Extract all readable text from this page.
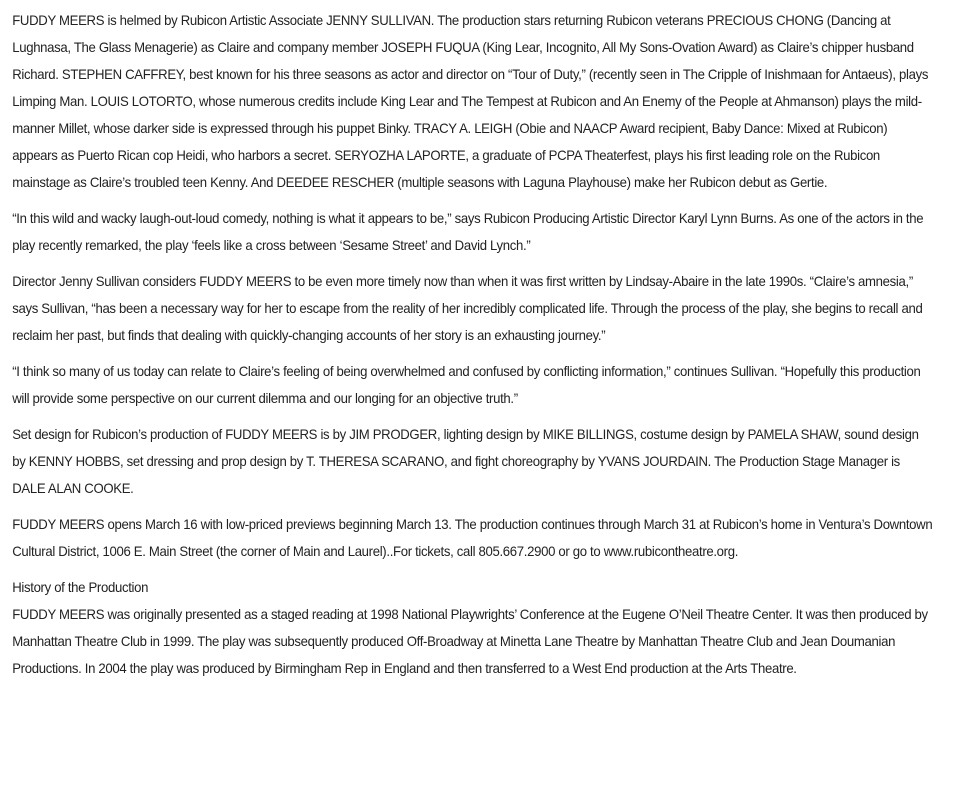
FUDDY MEERS is helmed by Rubicon Artistic Associate JENNY SULLIVAN. The production stars returning Rubicon veterans PRECIOUS CHONG (Dancing at Lughnasa, The Glass Menagerie) as Claire and company member JOSEPH FUQUA (King Lear, Incognito, All My Sons-Ovation Award) as Claire’s chipper husband Richard. STEPHEN CAFFREY, best known for his three seasons as actor and director on “Tour of Duty,” (recently seen in The Cripple of Inishmaan for Antaeus), plays Limping Man. LOUIS LOTORTO, whose numerous credits include King Lear and The Tempest at Rubicon and An Enemy of the People at Ahmanson) plays the mild-manner Millet, whose darker side is expressed through his puppet Binky. TRACY A. LEIGH (Obie and NAACP Award recipient, Baby Dance: Mixed at Rubicon) appears as Puerto Rican cop Heidi, who harbors a secret. SERYOZHA LAPORTE, a graduate of PCPA Theaterfest, plays his first leading role on the Rubicon mainstage as Claire’s troubled teen Kenny. And DEEDEE RESCHER (multiple seasons with Laguna Playhouse) make her Rubicon debut as Gertie.

“In this wild and wacky laugh-out-loud comedy, nothing is what it appears to be,” says Rubicon Producing Artistic Director Karyl Lynn Burns. As one of the actors in the play recently remarked, the play ‘feels like a cross between ‘Sesame Street’ and David Lynch.”

Director Jenny Sullivan considers FUDDY MEERS to be even more timely now than when it was first written by Lindsay-Abaire in the late 1990s. “Claire’s amnesia,” says Sullivan, “has been a necessary way for her to escape from the reality of her incredibly complicated life. Through the process of the play, she begins to recall and reclaim her past, but finds that dealing with quickly-changing accounts of her story is an exhausting journey.”

“I think so many of us today can relate to Claire’s feeling of being overwhelmed and confused by conflicting information,” continues Sullivan. “Hopefully this production will provide some perspective on our current dilemma and our longing for an objective truth.”

Set design for Rubicon’s production of FUDDY MEERS is by JIM PRODGER, lighting design by MIKE BILLINGS, costume design by PAMELA SHAW, sound design by KENNY HOBBS, set dressing and prop design by T. THERESA SCARANO, and fight choreography by YVANS JOURDAIN. The Production Stage Manager is DALE ALAN COOKE.

FUDDY MEERS opens March 16 with low-priced previews beginning March 13. The production continues through March 31 at Rubicon’s home in Ventura’s Downtown Cultural District, 1006 E. Main Street (the corner of Main and Laurel)..For tickets, call 805.667.2900 or go to www.rubicontheatre.org.

History of the Production
FUDDY MEERS was originally presented as a staged reading at 1998 National Playwrights’ Conference at the Eugene O’Neil Theatre Center. It was then produced by Manhattan Theatre Club in 1999. The play was subsequently produced Off-Broadway at Minetta Lane Theatre by Manhattan Theatre Club and Jean Doumanian Productions. In 2004 the play was produced by Birmingham Rep in England and then transferred to a West End production at the Arts Theatre.
